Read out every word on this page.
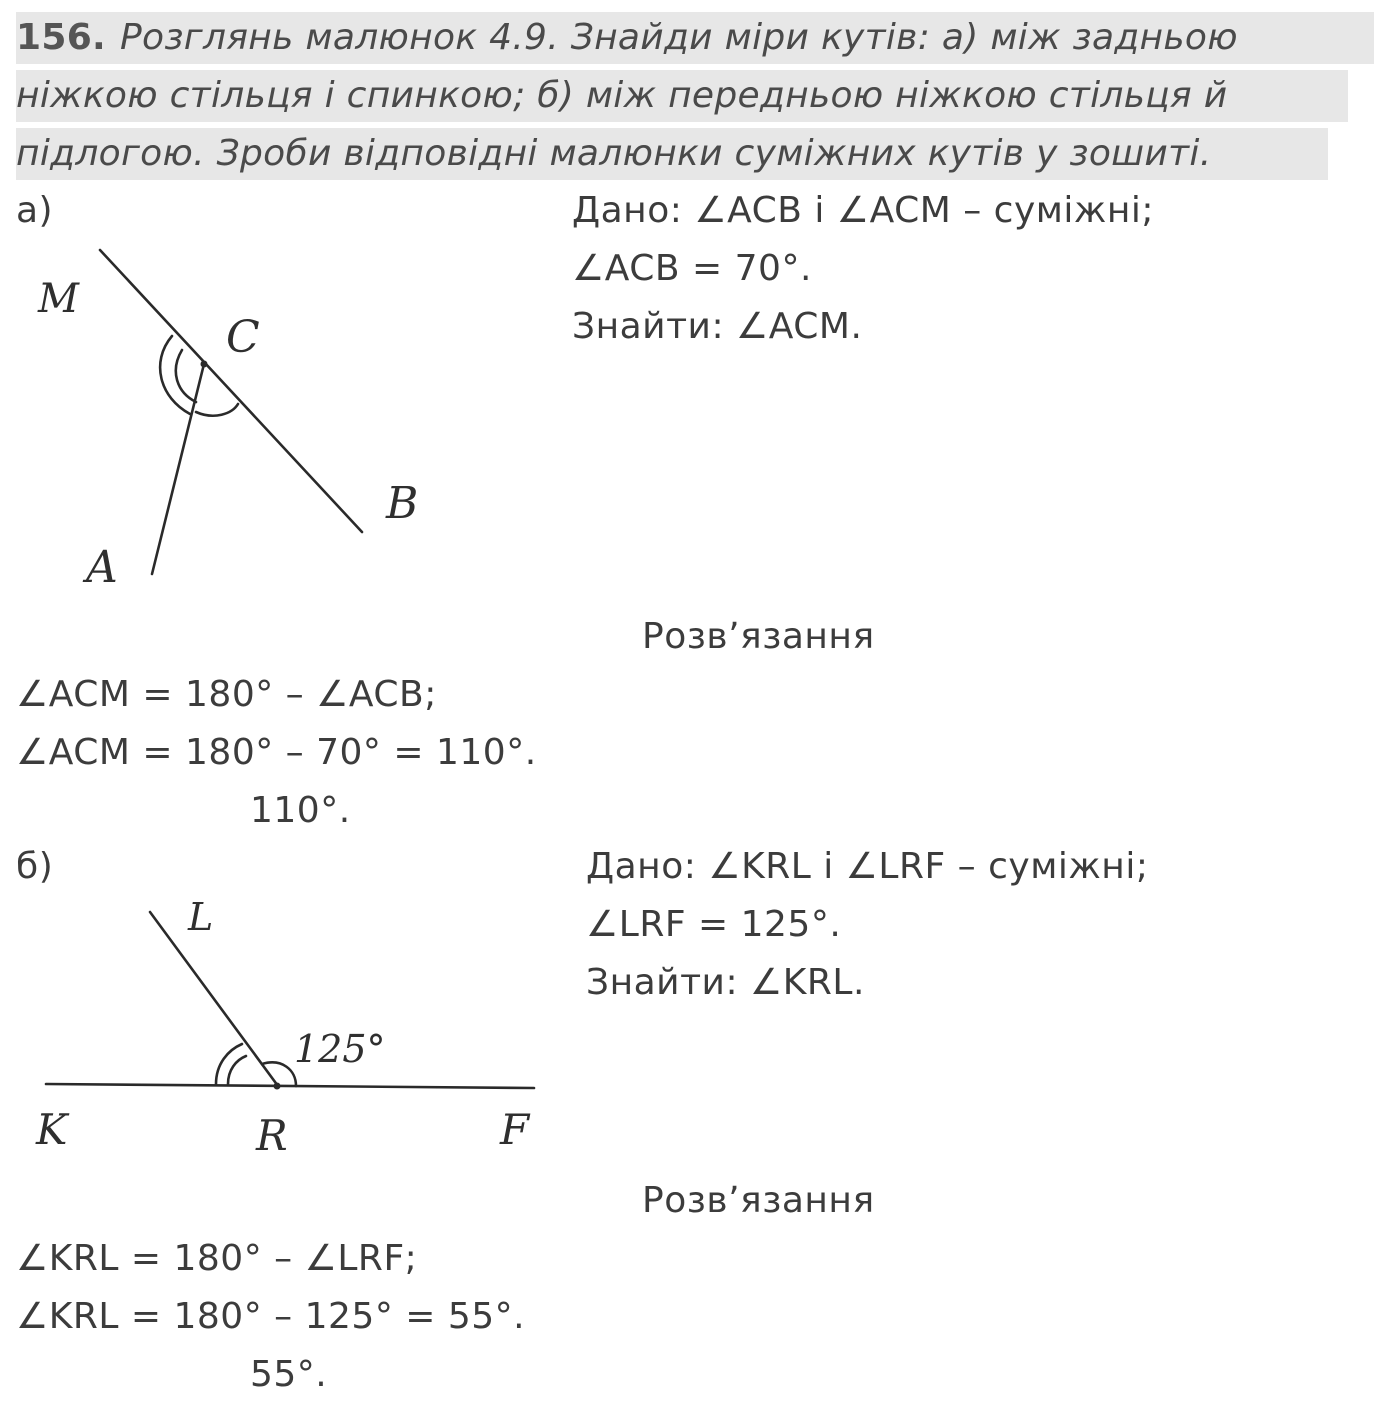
156. Розглянь малюнок 4.9. Знайди міри кутів: а) між задньою
ніжкою стільця і спинкою; б) між передньою ніжкою стільця й
підлогою. Зроби відповідні малюнки суміжних кутів у зошиті.
а)	Дано: ∠ACB і ∠ACM – суміжні;
∠ACB = 70°.
Знайти: ∠ACM.
M
C
B
A
Розв’язання
∠ACM = 180° – ∠ACB;
∠ACM = 180° – 70° = 110°.
110°.
б)	Дано: ∠KRL і ∠LRF – суміжні;
∠LRF = 125°.
Знайти: ∠KRL.
L
125°
K	R	F
Розв’язання
∠KRL = 180° – ∠LRF;
∠KRL = 180° – 125° = 55°.
55°.
